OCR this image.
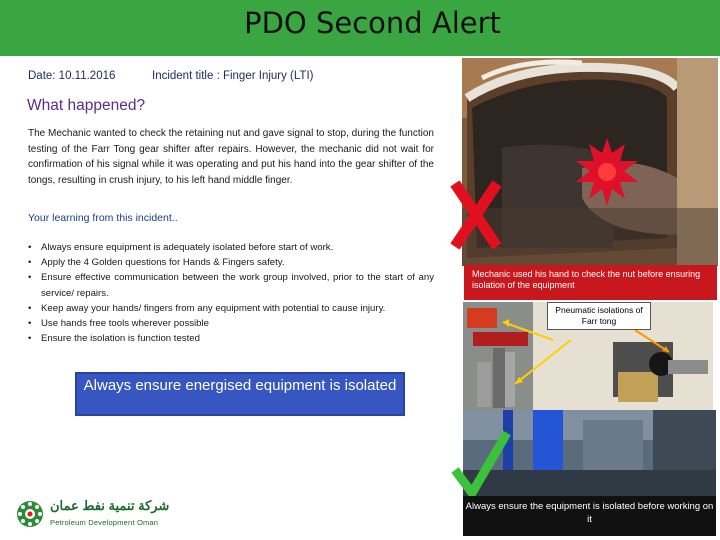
PDO Second Alert
Date: 10.11.2016	Incident title : Finger Injury (LTI)
What happened?
The Mechanic wanted to check the retaining nut and gave signal to stop, during the function testing of the Farr Tong gear shifter after repairs. However, the mechanic did not wait for confirmation of his signal while it was operating and put his hand into the gear shifter of the tongs, resulting in crush injury, to his left hand middle finger.
Your learning from this incident..
• Always ensure equipment is adequately isolated before start of work.
• Apply the 4 Golden questions for Hands & Fingers safety.
• Ensure effective communication between the work group involved, prior to the start of any service/ repairs.
• Keep away your hands/ fingers from any equipment with potential to cause injury.
• Use hands free tools wherever possible
• Ensure the isolation is function tested
Always ensure energised equipment is isolated
شركة تنمية نفط عمان
Petroleum Development Oman
Mechanic used his hand to check the nut before ensuring isolation of the equipment
Pneumatic isolations of Farr tong
Always ensure the equipment is isolated before working on it
